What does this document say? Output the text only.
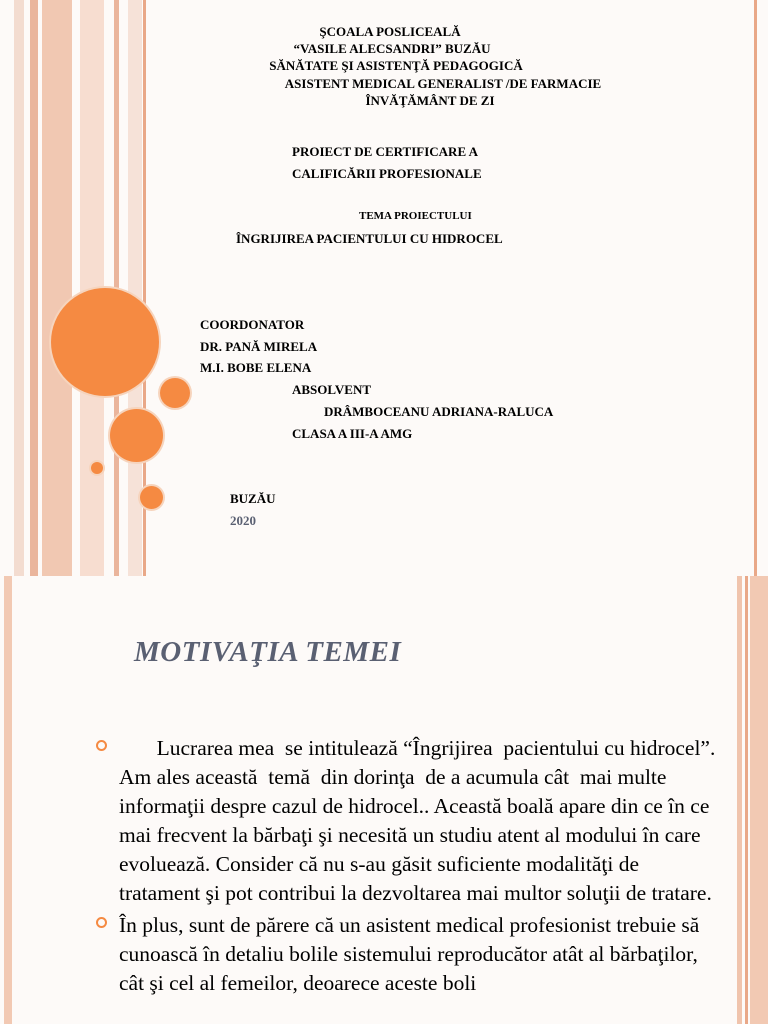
ŞCOALA POSLICEALĂ
“VASILE ALECSANDRI” BUZĂU
SĂNĂTATE ŞI ASISTENŢĂ PEDAGOGICĂ
ASISTENT MEDICAL GENERALIST /DE FARMACIE
ÎNVĂŢĂMÂNT DE ZI
PROIECT DE CERTIFICARE A
CALIFICĂRII PROFESIONALE
TEMA PROIECTULUI
ÎNGRIJIREA PACIENTULUI CU HIDROCEL
COORDONATOR
DR. PANĂ MIRELA
M.I. BOBE ELENA
ABSOLVENT
DRÂMBOCEANU ADRIANA-RALUCA
CLASA A III-A AMG
BUZĂU
2020
MOTIVAŢIA TEMEI
Lucrarea mea  se intitulează “Îngrijirea  pacientului cu hidrocel”. Am ales această  temă  din dorinţa  de a acumula cât  mai multe  informaţii despre cazul de hidrocel.. Această boală apare din ce în ce mai frecvent la bărbaţi şi necesită un studiu atent al modului în care evoluează. Consider că nu s-au găsit suficiente modalităţi de tratament şi pot contribui la dezvoltarea mai multor soluţii de tratare.
În plus, sunt de părere că un asistent medical profesionist trebuie să cunoască în detaliu bolile sistemului reproducător atât al bărbaţilor, cât şi cel al femeilor, deoarece aceste boli
